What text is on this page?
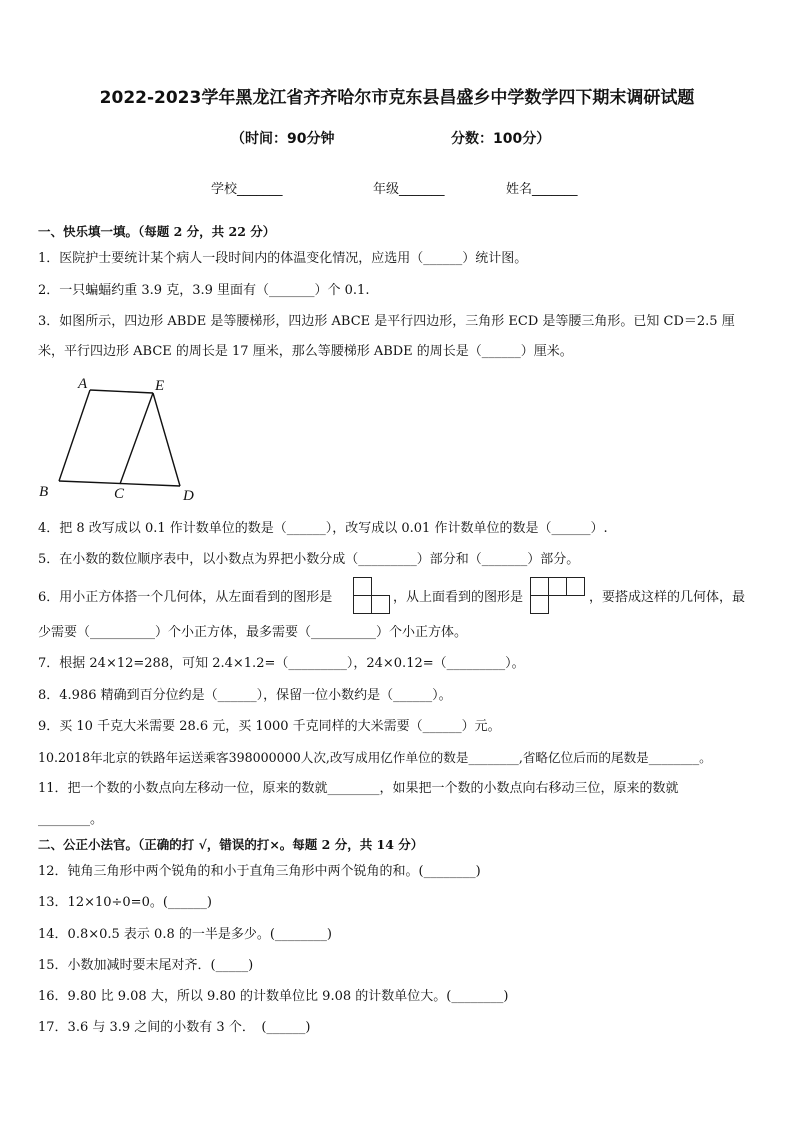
2022-2023学年黑龙江省齐齐哈尔市克东县昌盛乡中学数学四下期末调研试题
（时间：90分钟	分数：100分）
学校_______	年级_______	姓名_______
一、快乐填一填。（每题 2 分，共 22 分）
1．医院护士要统计某个病人一段时间内的体温变化情况，应选用（______）统计图。
2．一只蝙蝠约重 3.9 克，3.9 里面有（_______）个 0.1.
3．如图所示，四边形 ABDE 是等腰梯形，四边形 ABCE 是平行四边形，三角形 ECD 是等腰三角形。已知 CD＝2.5 厘
米，平行四边形 ABCE 的周长是 17 厘米，那么等腰梯形 ABDE 的周长是（______）厘米。
A	E
B	C	D
4．把 8 改写成以 0.1 作计数单位的数是（______），改写成以 0.01 作计数单位的数是（______）.
5．在小数的数位顺序表中，以小数点为界把小数分成（_________）部分和（_______）部分。
6．用小正方体搭一个几何体，从左面看到的图形是	，从上面看到的图形是	，要搭成这样的几何体，最
少需要（__________）个小正方体，最多需要（__________）个小正方体。
7．根据 24×12=288，可知 2.4×1.2=（_________），24×0.12=（_________）。
8．4.986 精确到百分位约是（______），保留一位小数约是（______）。
9．买 10 千克大米需要 28.6 元，买 1000 千克同样的大米需要（______）元。
10.2018年北京的铁路年运送乘客398000000人次,改写成用亿作单位的数是________,省略亿位后而的尾数是________。
11．把一个数的小数点向左移动一位，原来的数就________，如果把一个数的小数点向右移动三位，原来的数就
________。
二、公正小法官。（正确的打 √，错误的打×。每题 2 分，共 14 分）
12．钝角三角形中两个锐角的和小于直角三角形中两个锐角的和。(________)
13．12×10÷0=0。(______)
14．0.8×0.5 表示 0.8 的一半是多少。(________)
15．小数加减时要末尾对齐．(_____)
16．9.80 比 9.08 大，所以 9.80 的计数单位比 9.08 的计数单位大。(________)
17．3.6 与 3.9 之间的小数有 3 个．　(______)
